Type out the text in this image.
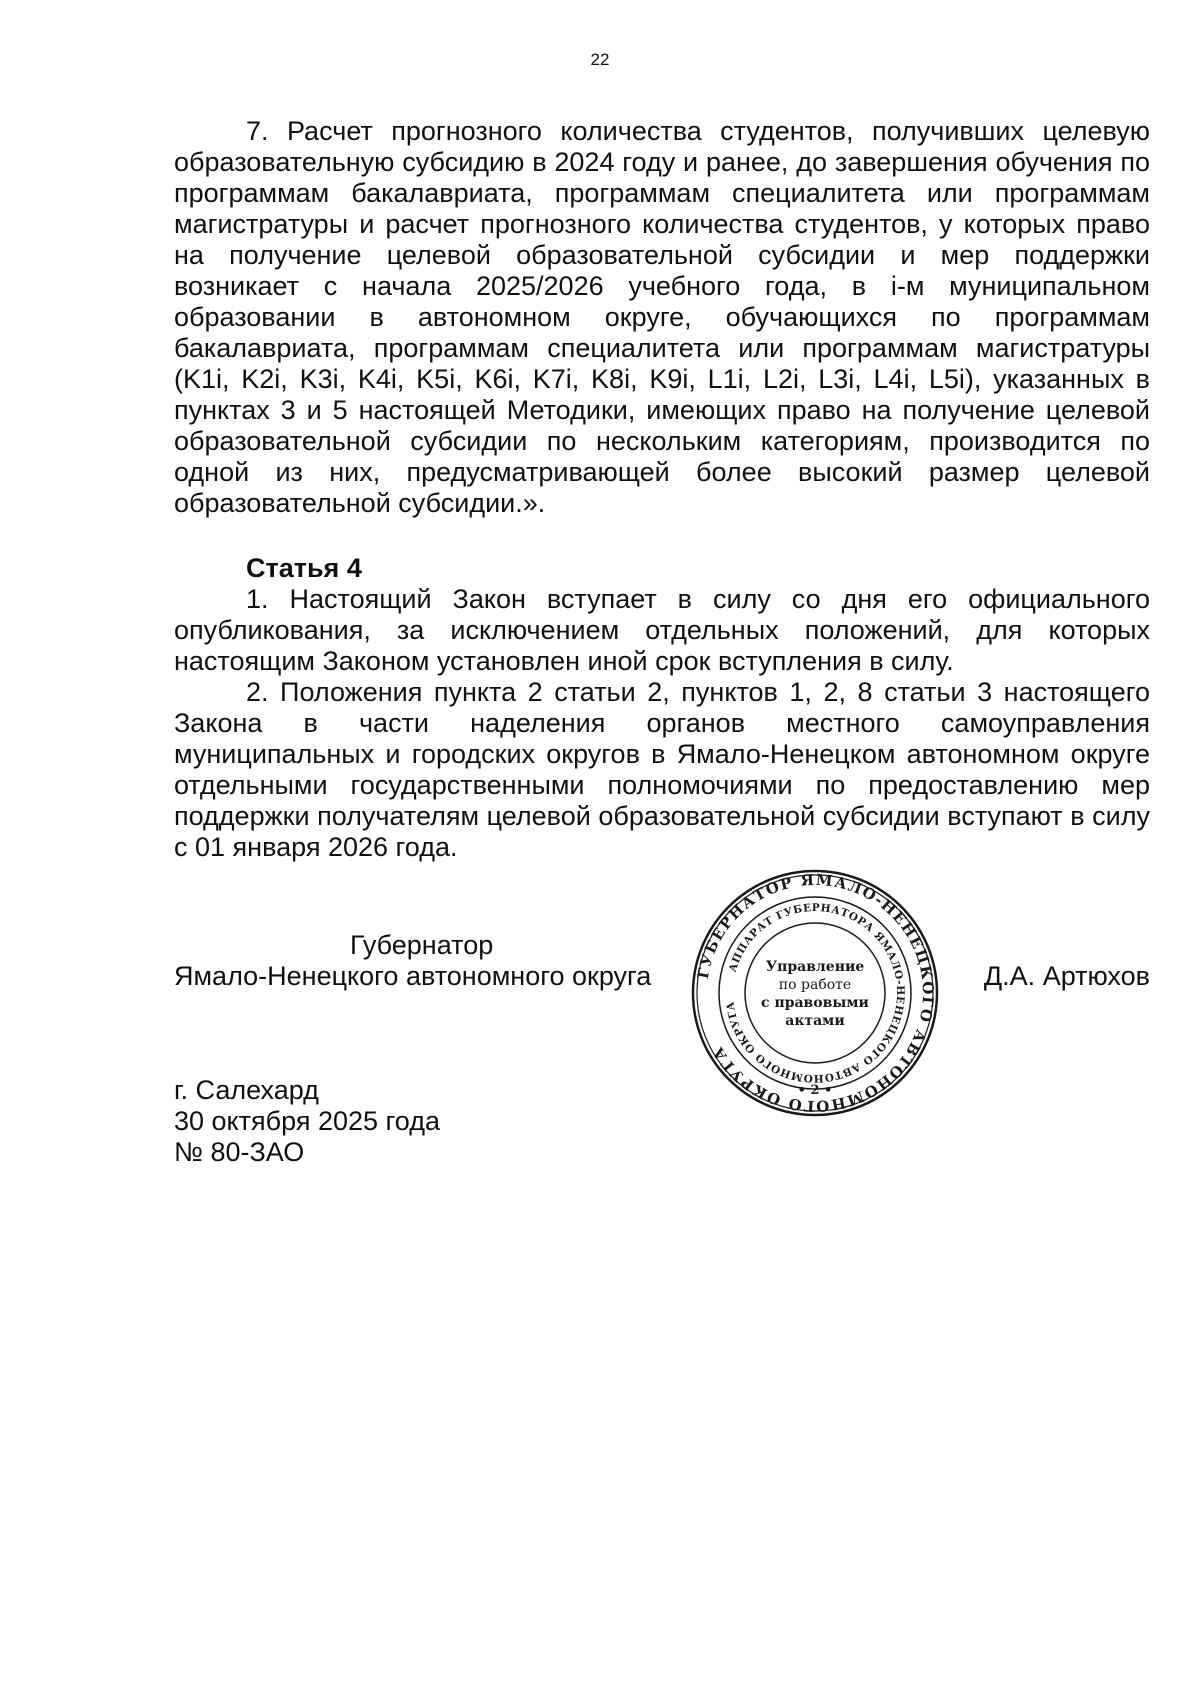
22

7. Расчет прогнозного количества студентов, получивших целевую образовательную субсидию в 2024 году и ранее, до завершения обучения по программам бакалавриата, программам специалитета или программам магистратуры и расчет прогнозного количества студентов, у которых право на получение целевой образовательной субсидии и мер поддержки возникает с начала 2025/2026 учебного года, в i-м муниципальном образовании в автономном округе, обучающихся по программам бакалавриата, программам специалитета или программам магистратуры (K1i, K2i, K3i, K4i, K5i, K6i, K7i, K8i, K9i, L1i, L2i, L3i, L4i, L5i), указанных в пунктах 3 и 5 настоящей Методики, имеющих право на получение целевой образовательной субсидии по нескольким категориям, производится по одной из них, предусматривающей более высокий размер целевой образовательной субсидии.».

Статья 4

1. Настоящий Закон вступает в силу со дня его официального опубликования, за исключением отдельных положений, для которых настоящим Законом установлен иной срок вступления в силу.

2. Положения пункта 2 статьи 2, пунктов 1, 2, 8 статьи 3 настоящего Закона в части наделения органов местного самоуправления муниципальных и городских округов в Ямало-Ненецком автономном округе отдельными государственными полномочиями по предоставлению мер поддержки получателям целевой образовательной субсидии вступают в силу с 01 января 2026 года.

Губернатор
Ямало-Ненецкого автономного округа	Д.А. Артюхов
ГУБЕРНАТОР ЯМАЛО-НЕНЕЦКОГО АВТОНОМНОГО ОКРУГА
АППАРАТ ГУБЕРНАТОРА ЯМАЛО-НЕНЕЦКОГО АВТОНОМНОГО ОКРУГА
Управление
по работе
с правовыми
актами
• 2 •
г. Салехард
30 октября 2025 года
№ 80-ЗАО
